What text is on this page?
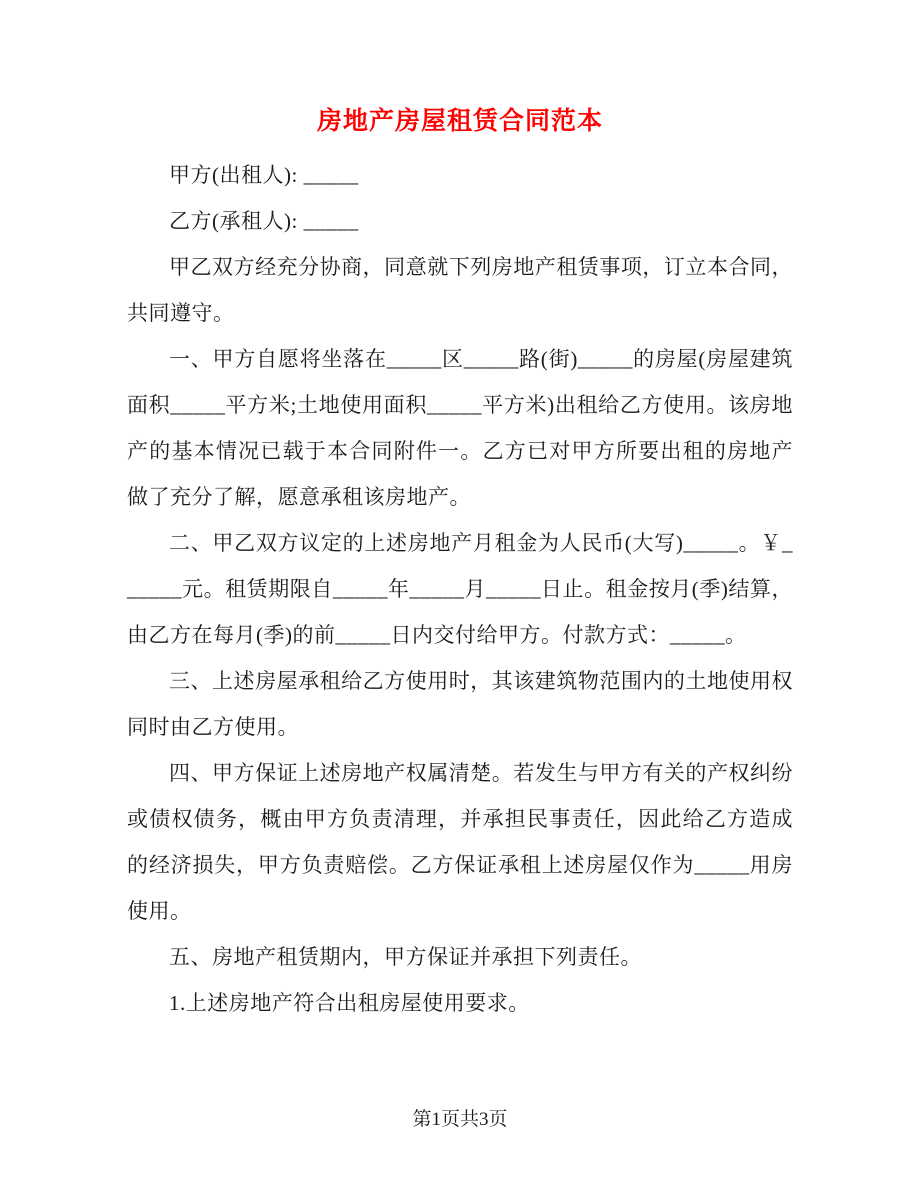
房地产房屋租赁合同范本

甲方(出租人): _____

乙方(承租人): _____

甲乙双方经充分协商，同意就下列房地产租赁事项，订立本合同，共同遵守。

一、甲方自愿将坐落在_____区_____路(街)_____的房屋(房屋建筑面积_____平方米;土地使用面积_____平方米)出租给乙方使用。该房地产的基本情况已载于本合同附件一。乙方已对甲方所要出租的房地产做了充分了解，愿意承租该房地产。

二、甲乙双方议定的上述房地产月租金为人民币(大写)_____。￥______元。租赁期限自_____年_____月_____日止。租金按月(季)结算，由乙方在每月(季)的前_____日内交付给甲方。付款方式：_____。

三、上述房屋承租给乙方使用时，其该建筑物范围内的土地使用权同时由乙方使用。

四、甲方保证上述房地产权属清楚。若发生与甲方有关的产权纠纷或债权债务，概由甲方负责清理，并承担民事责任，因此给乙方造成的经济损失，甲方负责赔偿。乙方保证承租上述房屋仅作为_____用房使用。

五、房地产租赁期内，甲方保证并承担下列责任。

1.上述房地产符合出租房屋使用要求。

第1页共3页
